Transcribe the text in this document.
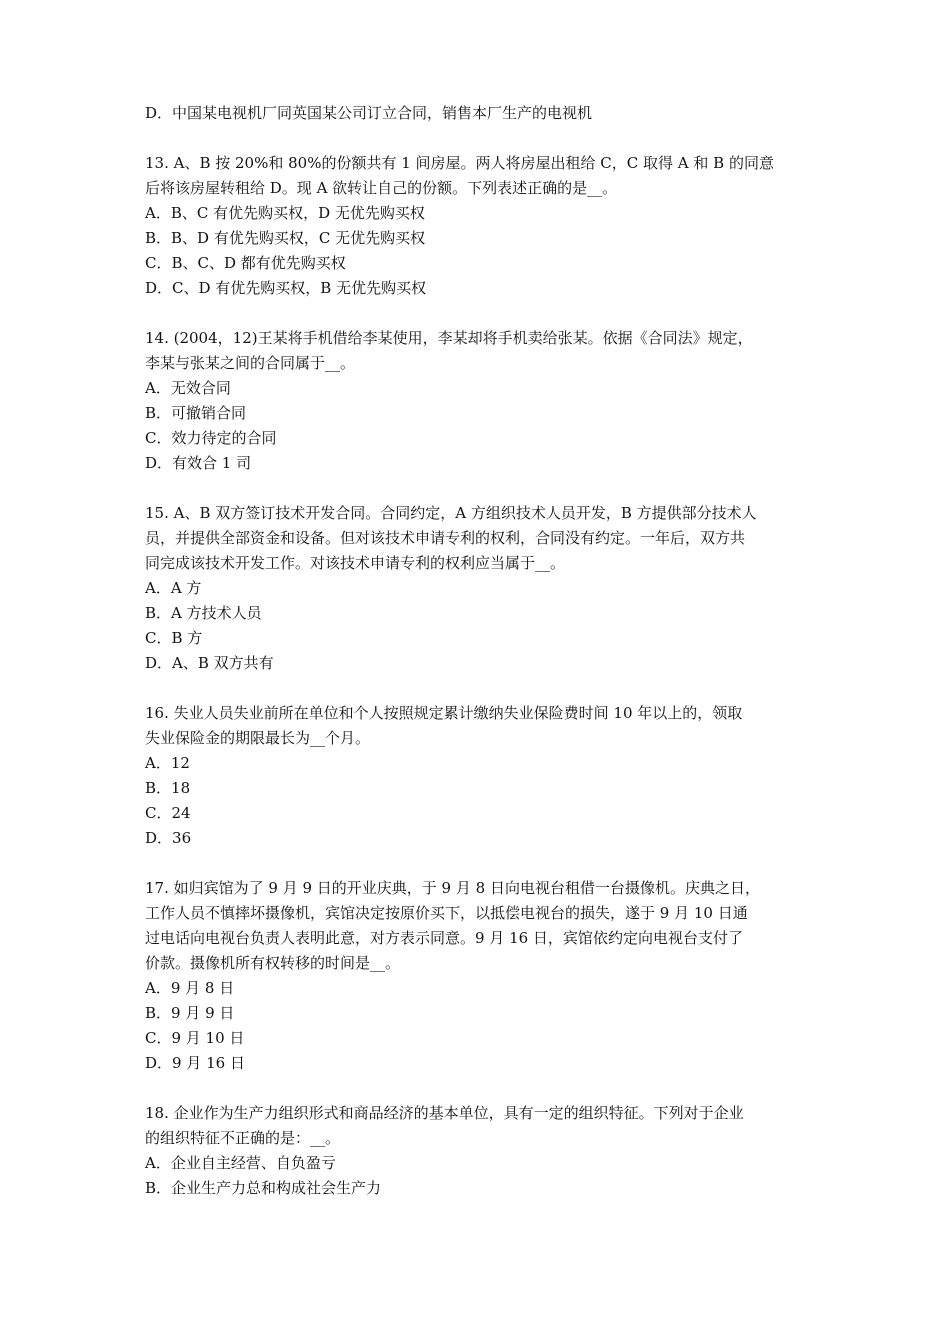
D．中国某电视机厂同英国某公司订立合同，销售本厂生产的电视机
13. A、B 按 20%和 80%的份额共有 1 间房屋。两人将房屋出租给 C，C 取得 A 和 B 的同意
后将该房屋转租给 D。现 A 欲转让自己的份额。下列表述正确的是__。
A．B、C 有优先购买权，D 无优先购买权
B．B、D 有优先购买权，C 无优先购买权
C．B、C、D 都有优先购买权
D．C、D 有优先购买权，B 无优先购买权
14. (2004，12)王某将手机借给李某使用，李某却将手机卖给张某。依据《合同法》规定，
李某与张某之间的合同属于__。
A．无效合同
B．可撤销合同
C．效力待定的合同
D．有效合 1 司
15. A、B 双方签订技术开发合同。合同约定，A 方组织技术人员开发，B 方提供部分技术人
员，并提供全部资金和设备。但对该技术申请专利的权利，合同没有约定。一年后，双方共
同完成该技术开发工作。对该技术申请专利的权利应当属于__。
A．A 方
B．A 方技术人员
C．B 方
D．A、B 双方共有
16. 失业人员失业前所在单位和个人按照规定累计缴纳失业保险费时间 10 年以上的，领取
失业保险金的期限最长为__个月。
A．12
B．18
C．24
D．36
17. 如归宾馆为了 9 月 9 日的开业庆典，于 9 月 8 日向电视台租借一台摄像机。庆典之日，
工作人员不慎摔坏摄像机，宾馆决定按原价买下，以抵偿电视台的损失，遂于 9 月 10 日通
过电话向电视台负责人表明此意，对方表示同意。9 月 16 日，宾馆依约定向电视台支付了
价款。摄像机所有权转移的时间是__。
A．9 月 8 日
B．9 月 9 日
C．9 月 10 日
D．9 月 16 日
18. 企业作为生产力组织形式和商品经济的基本单位，具有一定的组织特征。下列对于企业
的组织特征不正确的是：__。
A．企业自主经营、自负盈亏
B．企业生产力总和构成社会生产力
